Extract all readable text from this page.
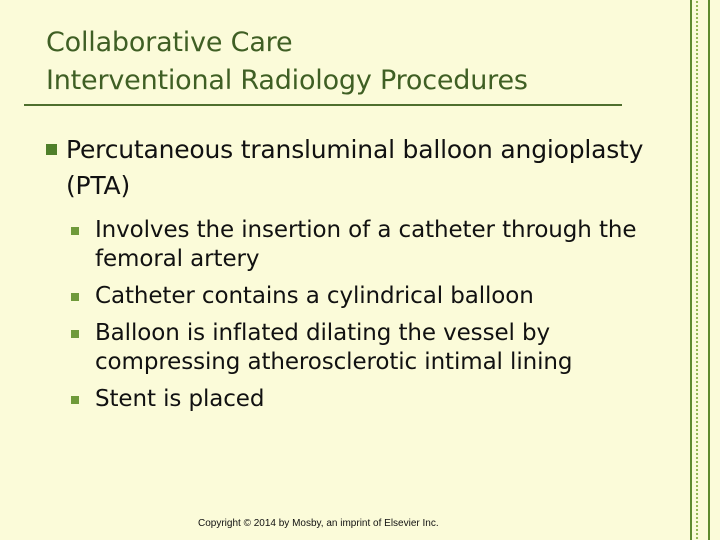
Collaborative Care
Interventional Radiology Procedures
Percutaneous transluminal balloon angioplasty (PTA)
Involves the insertion of a catheter through the femoral artery
Catheter contains a cylindrical balloon
Balloon is inflated dilating the vessel by compressing atherosclerotic intimal lining
Stent is placed
Copyright © 2014 by Mosby, an imprint of Elsevier Inc.
